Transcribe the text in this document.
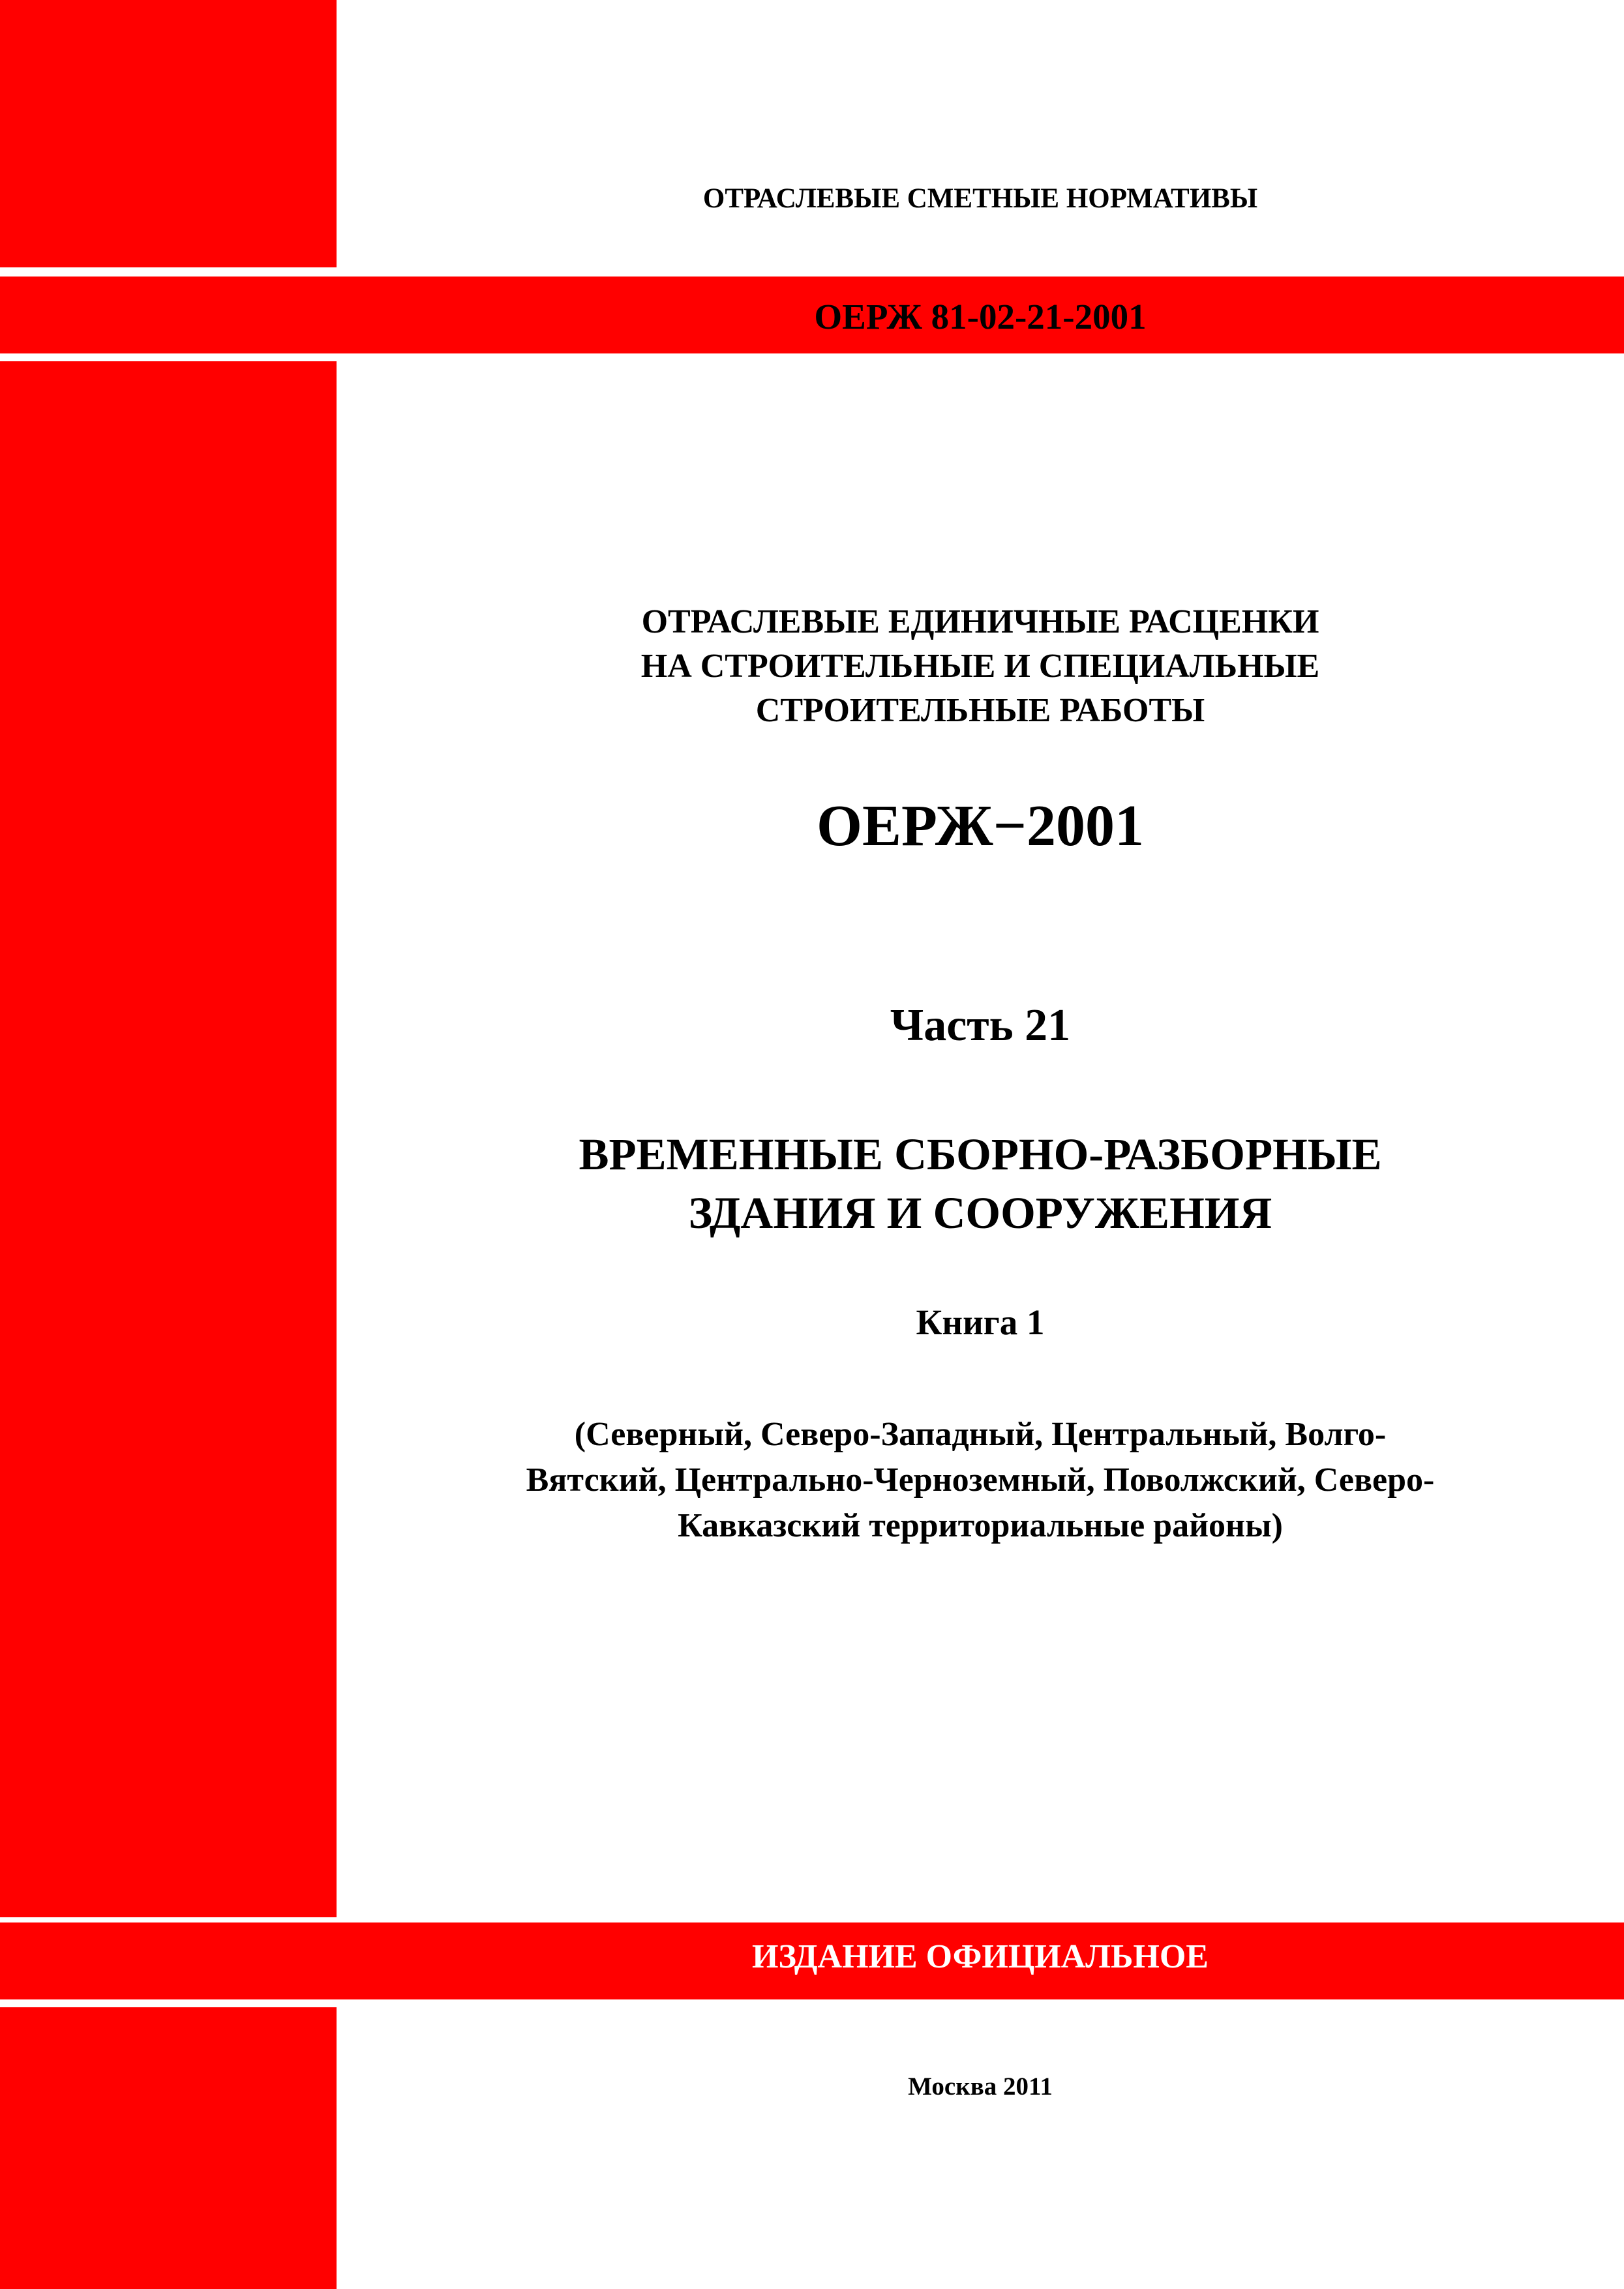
ОТРАСЛЕВЫЕ СМЕТНЫЕ НОРМАТИВЫ
ОЕРЖ 81-02-21-2001
ОТРАСЛЕВЫЕ ЕДИНИЧНЫЕ РАСЦЕНКИ
НА СТРОИТЕЛЬНЫЕ И СПЕЦИАЛЬНЫЕ
СТРОИТЕЛЬНЫЕ РАБОТЫ
ОЕРЖ−2001
Часть 21
ВРЕМЕННЫЕ СБОРНО-РАЗБОРНЫЕ
ЗДАНИЯ И СООРУЖЕНИЯ
Книга 1
(Северный, Северо-Западный, Центральный, Волго-
Вятский, Центрально-Черноземный, Поволжский, Северо-
Кавказский территориальные районы)
ИЗДАНИЕ ОФИЦИАЛЬНОЕ
Москва 2011
